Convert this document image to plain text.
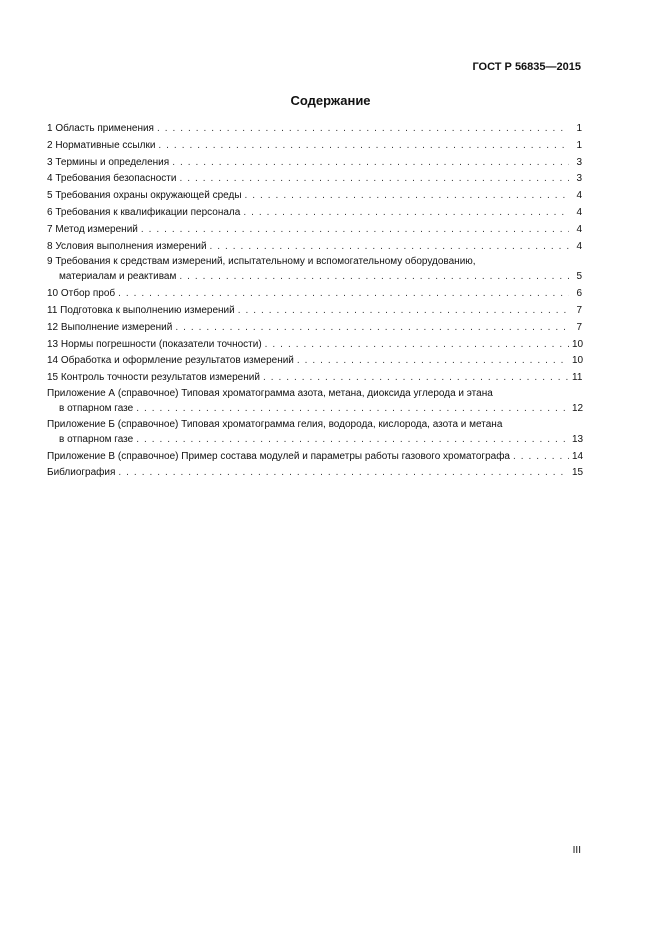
ГОСТ Р 56835—2015
Содержание
1 Область применения . . .	1
2 Нормативные ссылки . . .	1
3 Термины и определения . . .	3
4 Требования безопасности . . .	3
5 Требования охраны окружающей среды . . .	4
6 Требования к квалификации персонала . . .	4
7 Метод измерений . . .	4
8 Условия выполнения измерений . . .	4
9 Требования к средствам измерений, испытательному и вспомогательному оборудованию,
материалам и реактивам . . .	5
10 Отбор проб . . .	6
11 Подготовка к выполнению измерений . . .	7
12 Выполнение измерений . . .	7
13 Нормы погрешности (показатели точности) . . .	10
14 Обработка и оформление результатов измерений . . .	10
15 Контроль точности результатов измерений . . .	11
Приложение А (справочное) Типовая хроматограмма азота, метана, диоксида углерода и этана
в отпарном газе . . .	12
Приложение Б (справочное) Типовая хроматограмма гелия, водорода, кислорода, азота и метана
в отпарном газе . . .	13
Приложение В (справочное) Пример состава модулей и параметры работы газового хроматографа . . .	14
Библиография . . .	15
III
